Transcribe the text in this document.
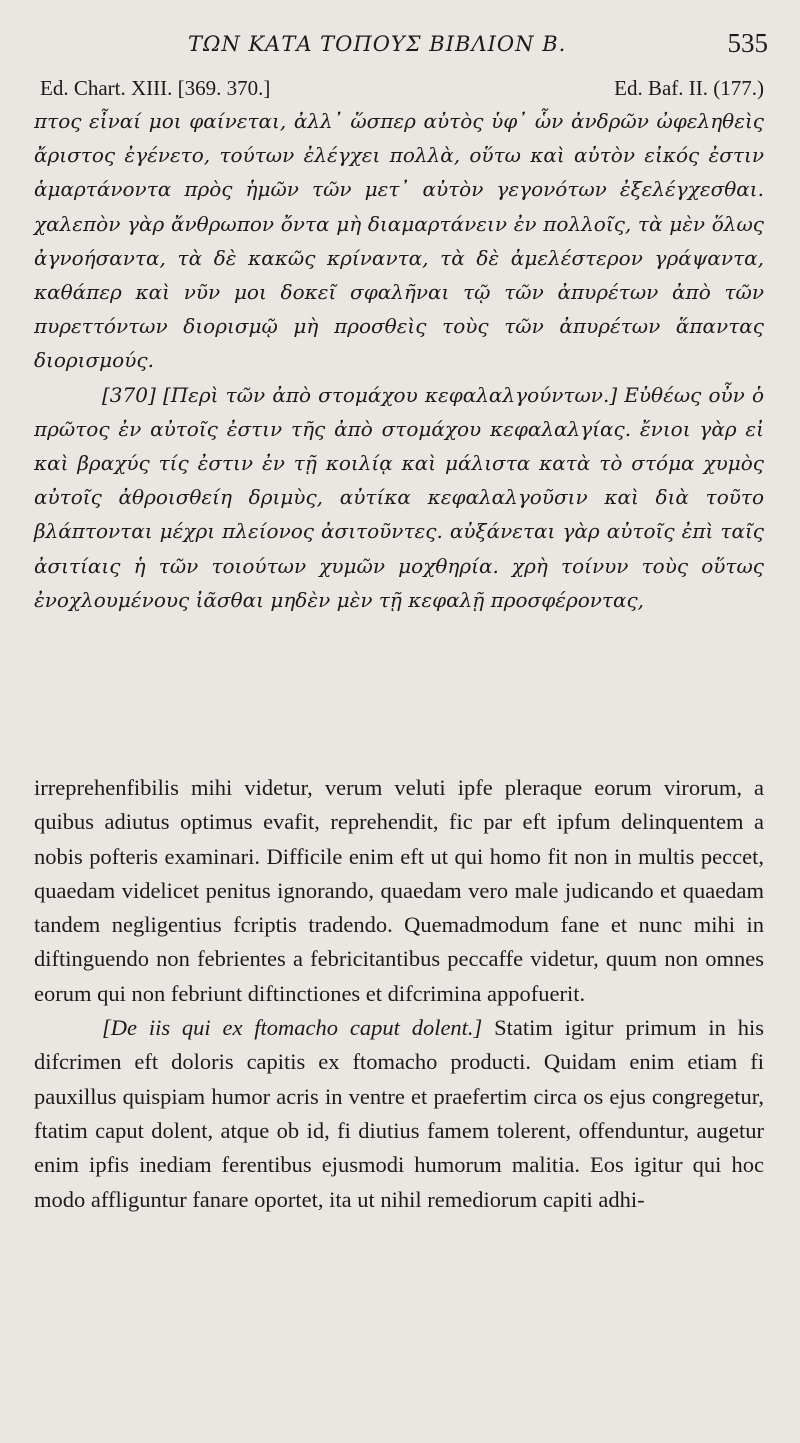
ΤΩΝ ΚΑΤΑ ΤΟΠΟΥΣ ΒΙΒΛΙΟΝ Β.	535
Ed. Chart. XIII. [369. 370.]	Ed. Baf. II. (177.)

πτος εἶναί μοι φαίνεται, ἀλλ᾽ ὥσπερ αὐτὸς ὑφ᾽ ὧν ἀνδρῶν ὠφεληθεὶς ἄριστος ἐγένετο, τούτων ἐλέγχει πολλὰ, οὕτω καὶ αὐτὸν εἰκός ἐστιν ἁμαρτάνοντα πρὸς ἡμῶν τῶν μετ᾽ αὐτὸν γεγονότων ἐξελέγχεσθαι. χαλεπὸν γὰρ ἄνθρωπον ὄντα μὴ διαμαρτάνειν ἐν πολλοῖς, τὰ μὲν ὅλως ἀγνοήσαντα, τὰ δὲ κακῶς κρίναντα, τὰ δὲ ἀμελέστερον γράψαντα, καθάπερ καὶ νῦν μοι δοκεῖ σφαλῆναι τῷ τῶν ἀπυρέτων ἀπὸ τῶν πυρεττόντων διορισμῷ μὴ προσθεὶς τοὺς τῶν ἀπυρέτων ἅπαντας διορισμούς.

[370] [Περὶ τῶν ἀπὸ στομάχου κεφαλαλγούντων.] Εὐθέως οὖν ὁ πρῶτος ἐν αὐτοῖς ἐστιν τῆς ἀπὸ στομάχου κεφαλαλγίας. ἔνιοι γὰρ εἰ καὶ βραχύς τίς ἐστιν ἐν τῇ κοιλίᾳ καὶ μάλιστα κατὰ τὸ στόμα χυμὸς αὐτοῖς ἀθροισθείη δριμὺς, αὐτίκα κεφαλαλγοῦσιν καὶ διὰ τοῦτο βλάπτονται μέχρι πλείονος ἀσιτοῦντες. αὐξάνεται γὰρ αὐτοῖς ἐπὶ ταῖς ἀσιτίαις ἡ τῶν τοιούτων χυμῶν μοχθηρία. χρὴ τοίνυν τοὺς οὕτως ἐνοχλουμένους ἰᾶσθαι μηδὲν μὲν τῇ κεφαλῇ προσφέροντας,

irreprehenfibilis mihi videtur, verum veluti ipfe pleraque eorum virorum, a quibus adiutus optimus evafit, reprehendit, fic par eft ipfum delinquentem a nobis pofteris examinari. Difficile enim eft ut qui homo fit non in multis peccet, quaedam videlicet penitus ignorando, quaedam vero male judicando et quaedam tandem negligentius fcriptis tradendo. Quemadmodum fane et nunc mihi in diftinguendo non febrientes a febricitantibus peccaffe videtur, quum non omnes eorum qui non febriunt diftinctiones et difcrimina appofuerit.

[De iis qui ex ftomacho caput dolent.] Statim igitur primum in his difcrimen eft doloris capitis ex ftomacho producti. Quidam enim etiam fi pauxillus quispiam humor acris in ventre et praefertim circa os ejus congregetur, ftatim caput dolent, atque ob id, fi diutius famem tolerent, offenduntur, augetur enim ipfis inediam ferentibus ejusmodi humorum malitia. Eos igitur qui hoc modo affliguntur fanare oportet, ita ut nihil remediorum capiti adhi-
